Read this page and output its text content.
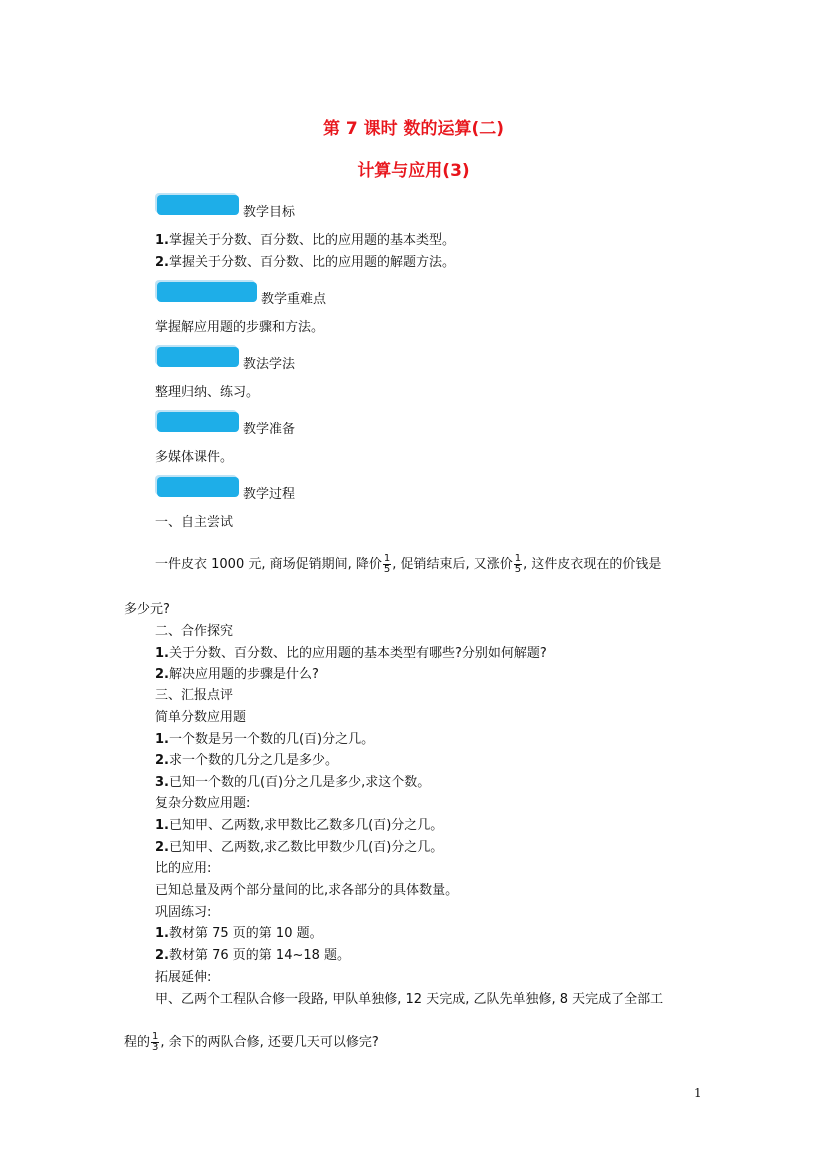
第 7 课时 数的运算(二)
计算与应用(3)
教学目标
1.掌握关于分数、百分数、比的应用题的基本类型。
2.掌握关于分数、百分数、比的应用题的解题方法。
教学重难点
掌握解应用题的步骤和方法。
教法学法
整理归纳、练习。
教学准备
多媒体课件。
教学过程
一、自主尝试
一件皮衣 1000 元, 商场促销期间, 降价 $\frac{1}{5}$ , 促销结束后, 又涨价 $\frac{1}{5}$ , 这件皮衣现在的价钱是
多少元?
二、合作探究
1.关于分数、百分数、比的应用题的基本类型有哪些?分别如何解题?
2.解决应用题的步骤是什么?
三、汇报点评
简单分数应用题
1.一个数是另一个数的几(百)分之几。
2.求一个数的几分之几是多少。
3.已知一个数的几(百)分之几是多少,求这个数。
复杂分数应用题:
1.已知甲、乙两数,求甲数比乙数多几(百)分之几。
2.已知甲、乙两数,求乙数比甲数少几(百)分之几。
比的应用:
已知总量及两个部分量间的比,求各部分的具体数量。
巩固练习:
1.教材第 75 页的第 10 题。
2.教材第 76 页的第 14~18 题。
拓展延伸:
甲、乙两个工程队合修一段路, 甲队单独修, 12 天完成, 乙队先单独修, 8 天完成了全部工
程的 $\frac{1}{3}$ , 余下的两队合修, 还要几天可以修完?
1
